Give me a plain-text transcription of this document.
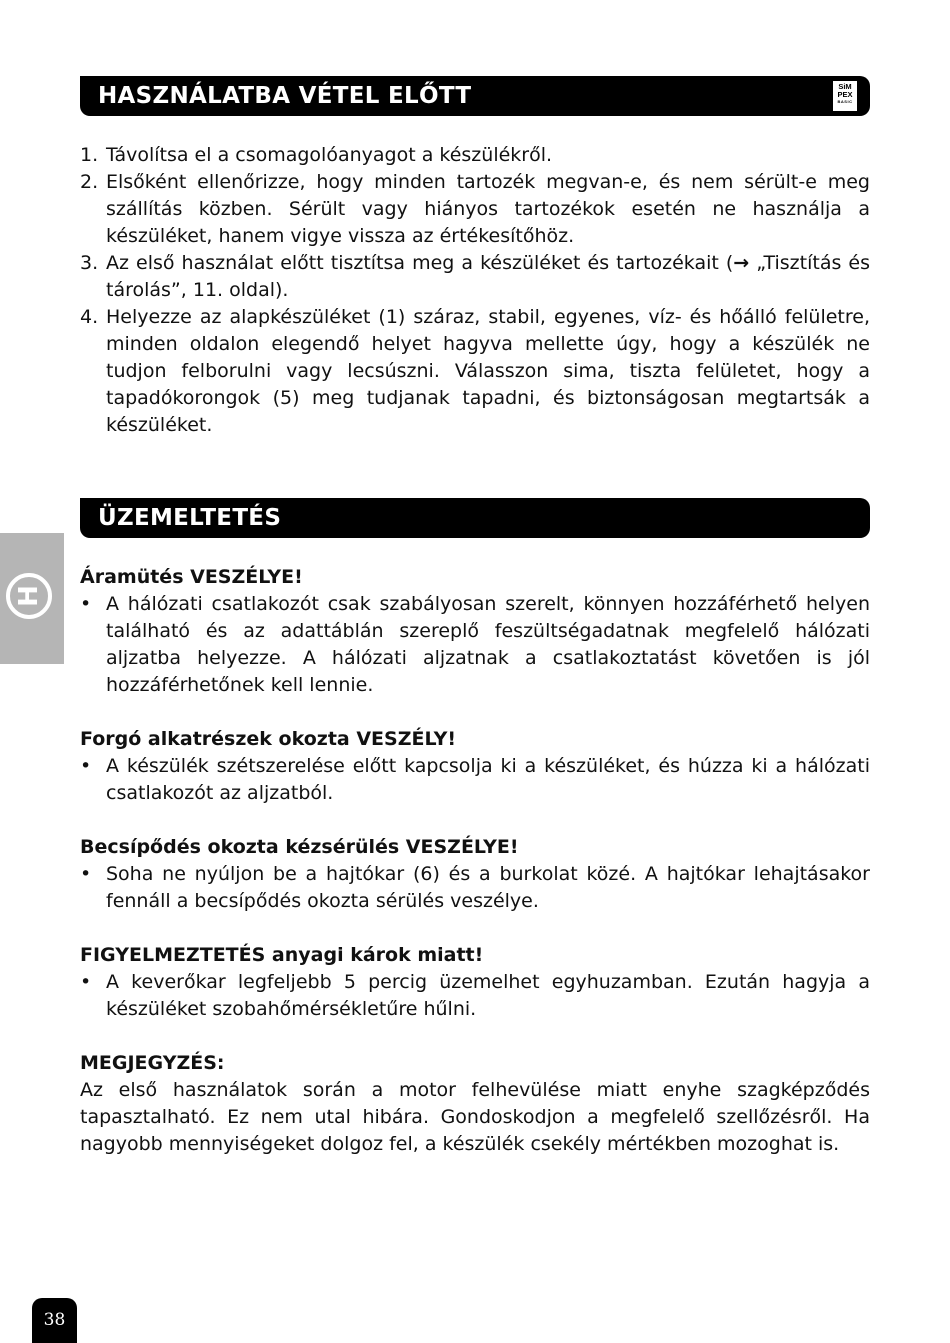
HASZNÁLATBA VÉTEL ELŐTT	SiM
PEX
BASIC
1. Távolítsa el a csomagolóanyagot a készülékről.
2. Elsőként ellenőrizze, hogy minden tartozék megvan-e, és nem sérült-e meg szállítás közben. Sérült vagy hiányos tartozékok esetén ne használja a készüléket, hanem vigye vissza az értékesítőhöz.
3. Az első használat előtt tisztítsa meg a készüléket és tartozékait (→ „Tisztítás és tárolás”, 11. oldal).
4. Helyezze az alapkészüléket (1) száraz, stabil, egyenes, víz- és hőálló felületre, minden oldalon elegendő helyet hagyva mellette úgy, hogy a készülék ne tudjon felborulni vagy lecsúszni. Válasszon sima, tiszta felületet, hogy a tapadókorongok (5) meg tudjanak tapadni, és biztonságosan megtartsák a készüléket.
ÜZEMELTETÉS
Áramütés VESZÉLYE!
• A hálózati csatlakozót csak szabályosan szerelt, könnyen hozzáférhető helyen található és az adattáblán szereplő feszültségadatnak megfelelő hálózati aljzatba helyezze. A hálózati aljzatnak a csatlakoztatást követően is jól hozzáférhetőnek kell lennie.
Forgó alkatrészek okozta VESZÉLY!
• A készülék szétszerelése előtt kapcsolja ki a készüléket, és húzza ki a hálózati csatlakozót az aljzatból.
Becsípődés okozta kézsérülés VESZÉLYE!
• Soha ne nyúljon be a hajtókar (6) és a burkolat közé. A hajtókar lehajtásakor fennáll a becsípődés okozta sérülés veszélye.
FIGYELMEZTETÉS anyagi károk miatt!
• A keverőkar legfeljebb 5 percig üzemelhet egyhuzamban. Ezután hagyja a készüléket szobahőmérsékletűre hűlni.
MEGJEGYZÉS:
Az első használatok során a motor felhevülése miatt enyhe szagképződés tapasztalható. Ez nem utal hibára. Gondoskodjon a megfelelő szellőzésről. Ha nagyobb mennyiségeket dolgoz fel, a készülék csekély mértékben mozoghat is.
H
38
